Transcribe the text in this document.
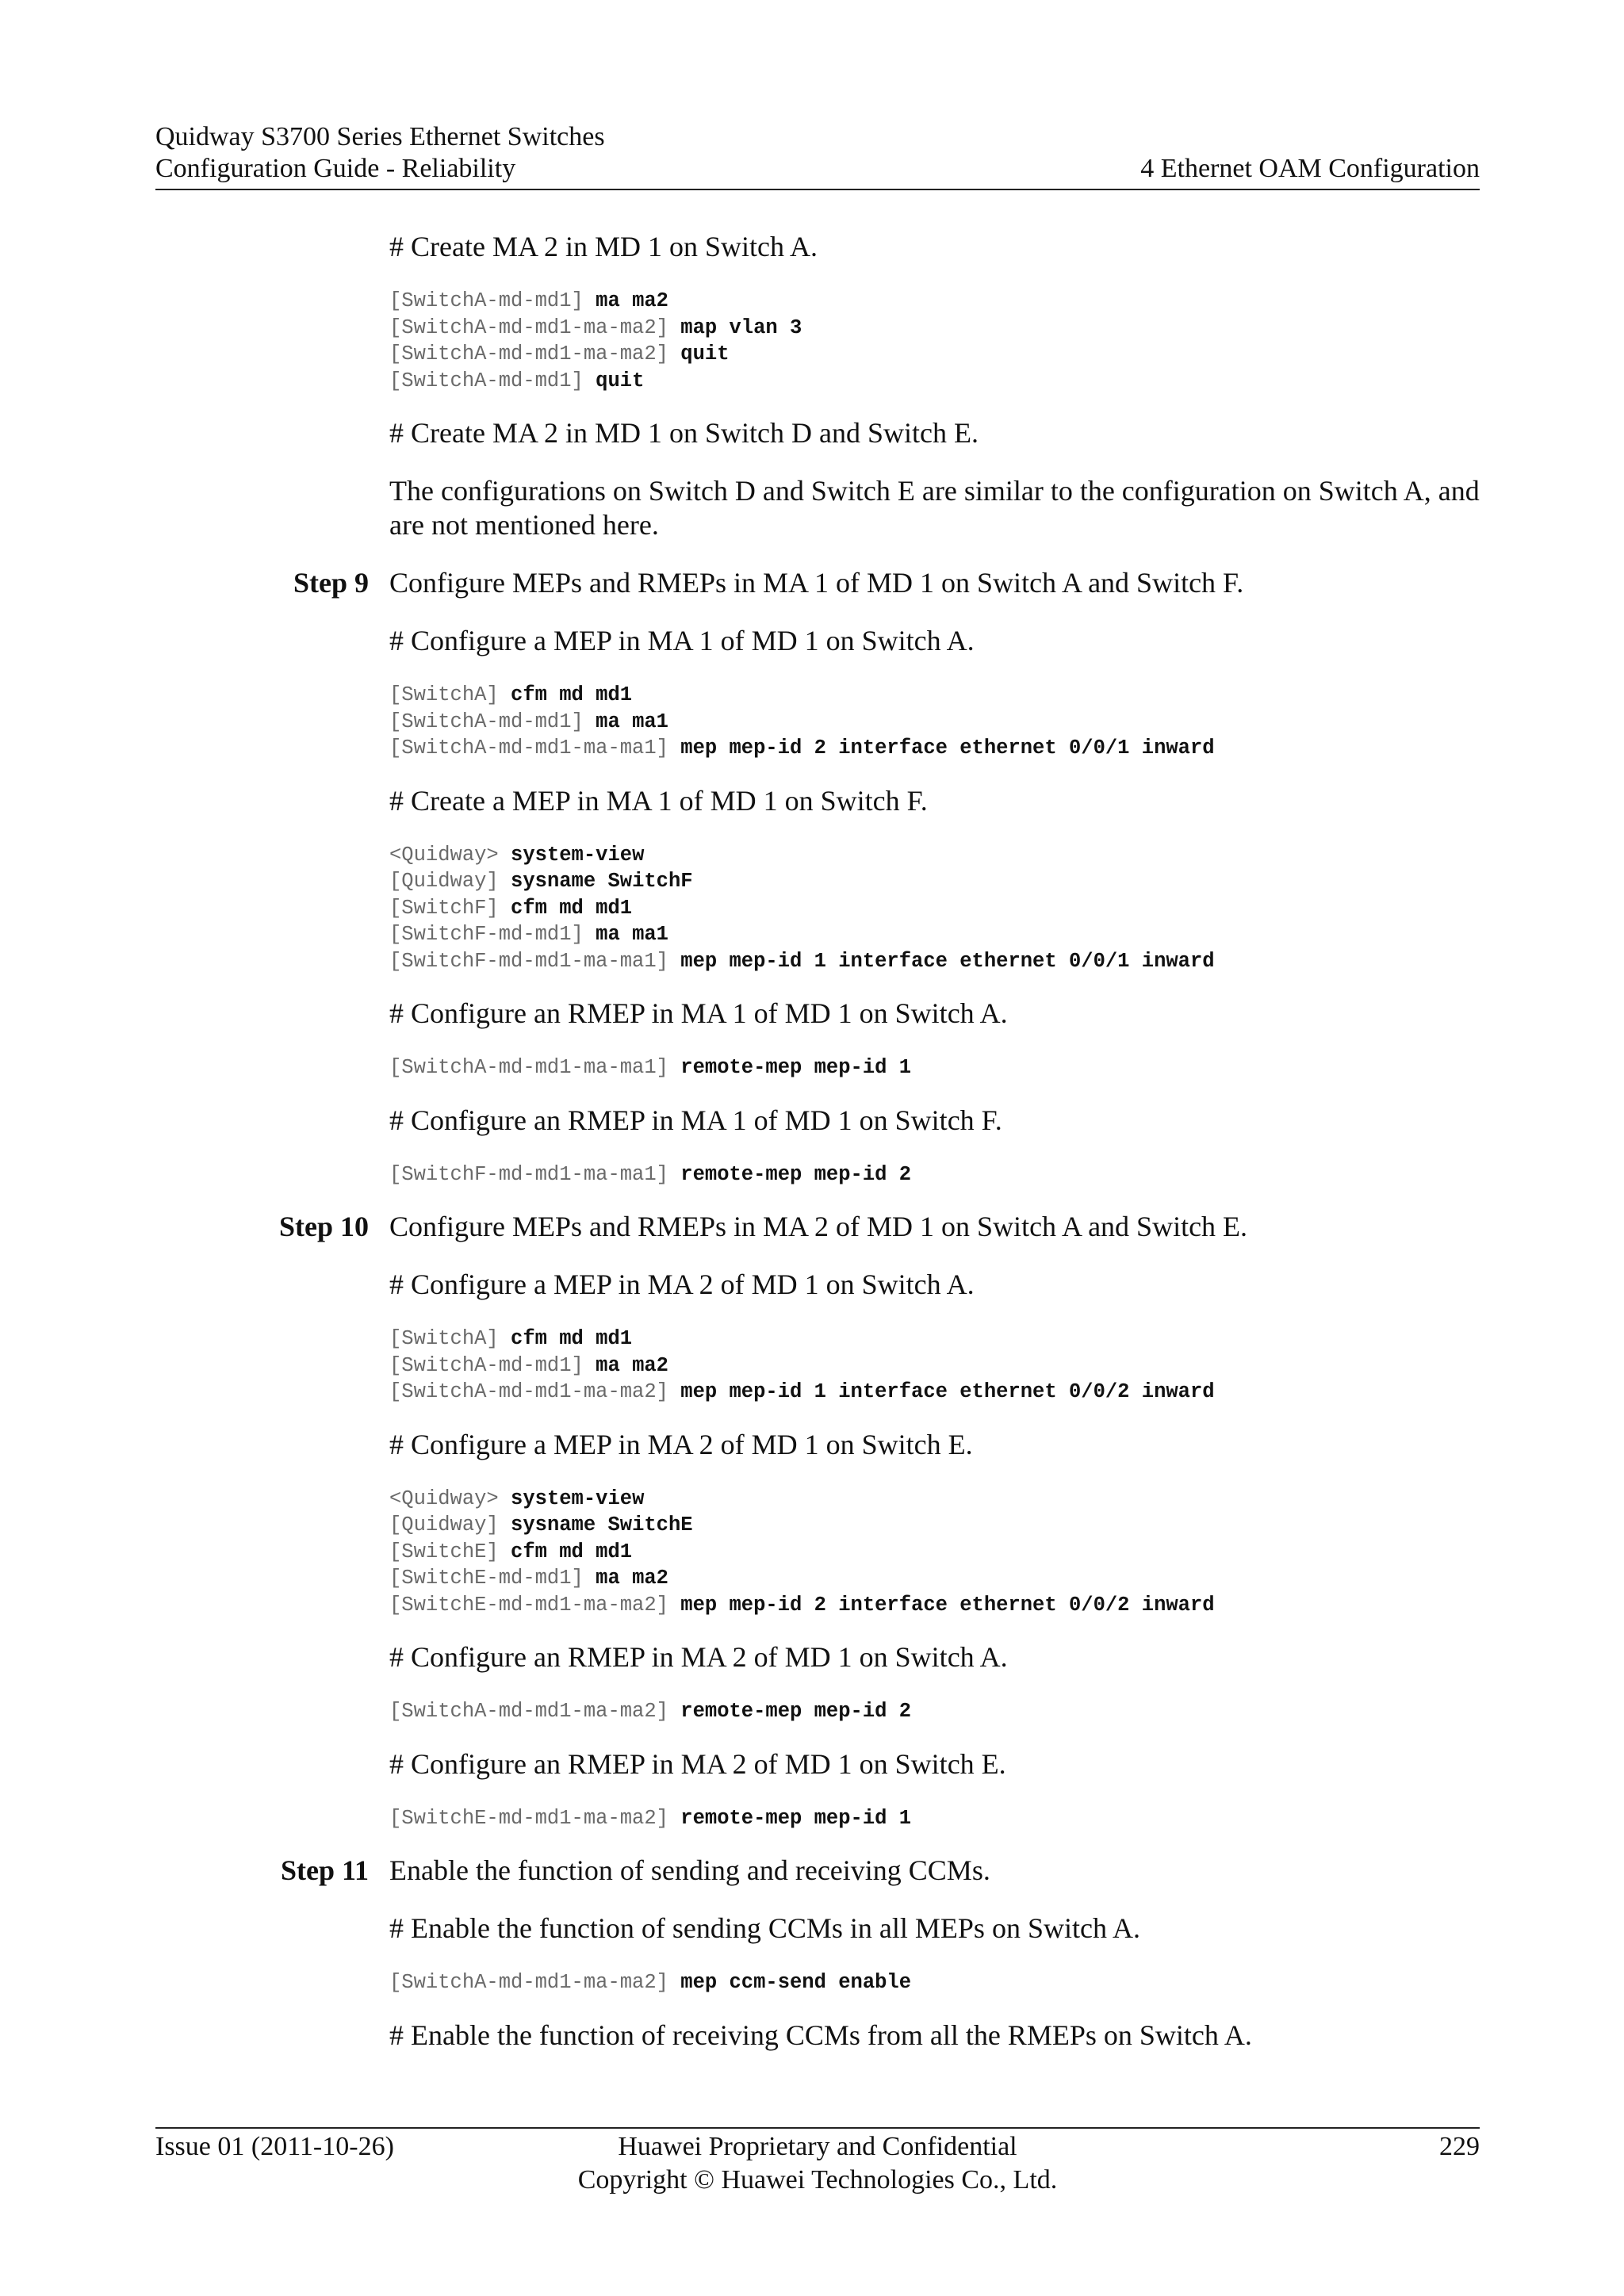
Quidway S3700 Series Ethernet Switches
Configuration Guide - Reliability	4 Ethernet OAM Configuration

# Create MA 2 in MD 1 on Switch A.

[SwitchA-md-md1] ma ma2
[SwitchA-md-md1-ma-ma2] map vlan 3
[SwitchA-md-md1-ma-ma2] quit
[SwitchA-md-md1] quit

# Create MA 2 in MD 1 on Switch D and Switch E.

The configurations on Switch D and Switch E are similar to the configuration on Switch A, and are not mentioned here.

Step 9 Configure MEPs and RMEPs in MA 1 of MD 1 on Switch A and Switch F.

# Configure a MEP in MA 1 of MD 1 on Switch A.

[SwitchA] cfm md md1
[SwitchA-md-md1] ma ma1
[SwitchA-md-md1-ma-ma1] mep mep-id 2 interface ethernet 0/0/1 inward

# Create a MEP in MA 1 of MD 1 on Switch F.

<Quidway> system-view
[Quidway] sysname SwitchF
[SwitchF] cfm md md1
[SwitchF-md-md1] ma ma1
[SwitchF-md-md1-ma-ma1] mep mep-id 1 interface ethernet 0/0/1 inward

# Configure an RMEP in MA 1 of MD 1 on Switch A.

[SwitchA-md-md1-ma-ma1] remote-mep mep-id 1

# Configure an RMEP in MA 1 of MD 1 on Switch F.

[SwitchF-md-md1-ma-ma1] remote-mep mep-id 2
Step 10 Configure MEPs and RMEPs in MA 2 of MD 1 on Switch A and Switch E.

# Configure a MEP in MA 2 of MD 1 on Switch A.

[SwitchA] cfm md md1
[SwitchA-md-md1] ma ma2
[SwitchA-md-md1-ma-ma2] mep mep-id 1 interface ethernet 0/0/2 inward

# Configure a MEP in MA 2 of MD 1 on Switch E.

<Quidway> system-view
[Quidway] sysname SwitchE
[SwitchE] cfm md md1
[SwitchE-md-md1] ma ma2
[SwitchE-md-md1-ma-ma2] mep mep-id 2 interface ethernet 0/0/2 inward

# Configure an RMEP in MA 2 of MD 1 on Switch A.

[SwitchA-md-md1-ma-ma2] remote-mep mep-id 2

# Configure an RMEP in MA 2 of MD 1 on Switch E.

[SwitchE-md-md1-ma-ma2] remote-mep mep-id 1
Step 11 Enable the function of sending and receiving CCMs.

# Enable the function of sending CCMs in all MEPs on Switch A.

[SwitchA-md-md1-ma-ma2] mep ccm-send enable

# Enable the function of receiving CCMs from all the RMEPs on Switch A.

Issue 01 (2011-10-26)	Huawei Proprietary and Confidential
Copyright © Huawei Technologies Co., Ltd.
229
